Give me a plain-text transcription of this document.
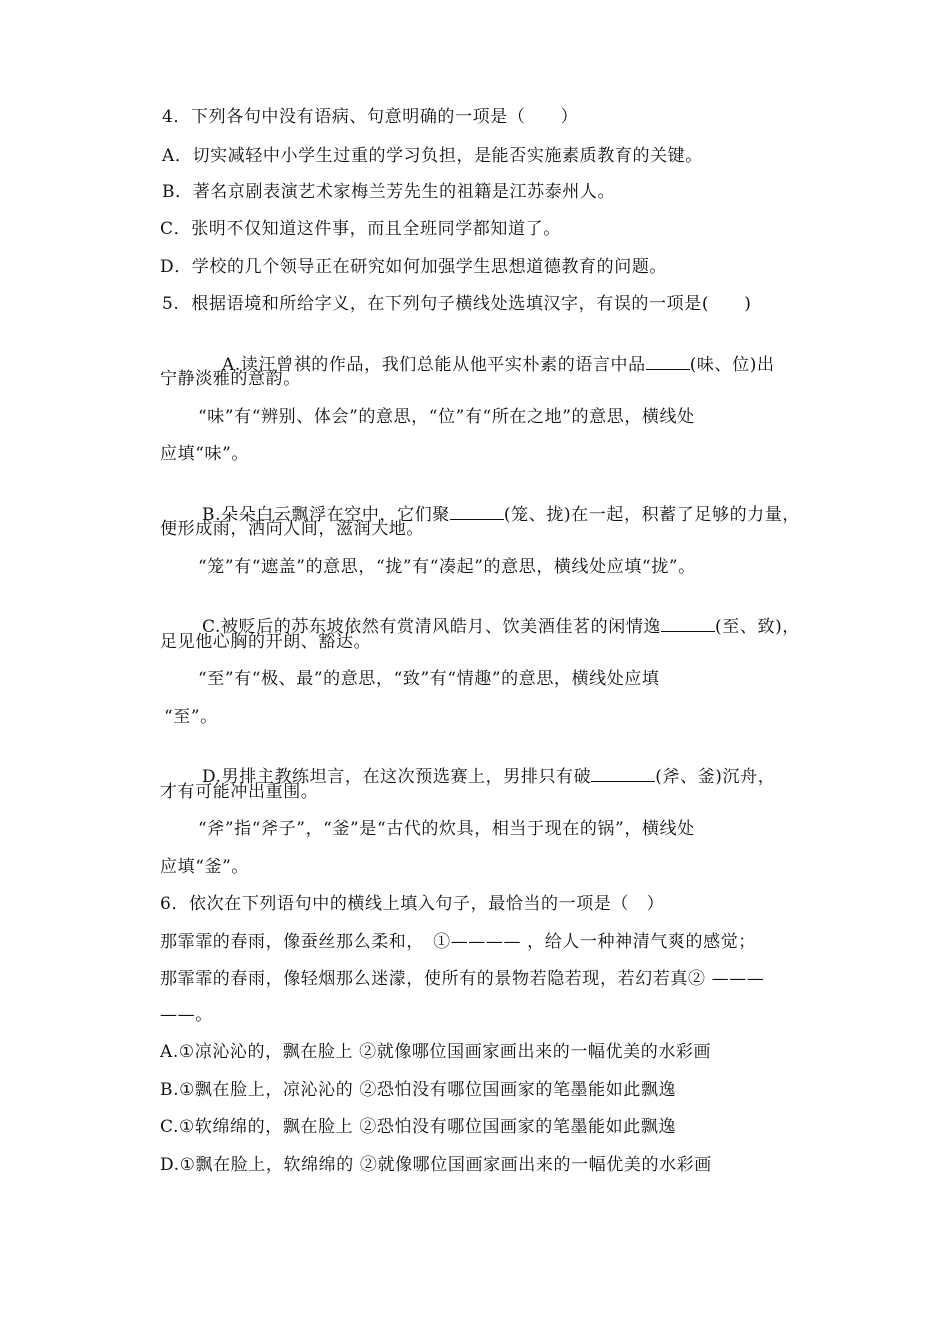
4．下列各句中没有语病、句意明确的一项是（　　）
A．切实减轻中小学生过重的学习负担，是能否实施素质教育的关键。
B．著名京剧表演艺术家梅兰芳先生的祖籍是江苏泰州人。
C．张明不仅知道这件事，而且全班同学都知道了。
D．学校的几个领导正在研究如何加强学生思想道德教育的问题。
5.  根据语境和所给字义，在下列句子横线处选填汉字，有误的一项是(　　)

A.读汪曾祺的作品，我们总能从他平实朴素的语言中品	(味、位)出

宁静淡雅的意韵。
“味”有“辨别、体会”的意思，“位”有“所在之地”的意思，横线处
应填“味”。

B.朵朵白云飘浮在空中，它们聚	(笼、拢)在一起，积蓄了足够的力量，

便形成雨，洒向人间，滋润大地。
“笼”有“遮盖”的意思，“拢”有“凑起”的意思，横线处应填“拢”。

C.被贬后的苏东坡依然有赏清风皓月、饮美酒佳茗的闲情逸	(至、致)，

足见他心胸的开朗、豁达。
“至”有“极、最”的意思，“致”有“情趣”的意思，横线处应填
“至”。

D.男排主教练坦言，在这次预选赛上，男排只有破	(斧、釜)沉舟，

才有可能冲出重围。
“斧”指“斧子”，“釜”是“古代的炊具，相当于现在的锅”，横线处
应填“釜”。
6．依次在下列语句中的横线上填入句子，最恰当的一项是（　）
那霏霏的春雨，像蚕丝那么柔和，　①———— ，给人一种神清气爽的感觉；
那霏霏的春雨，像轻烟那么迷濛，使所有的景物若隐若现，若幻若真② ———
——。
A.①凉沁沁的，飘在脸上 ②就像哪位国画家画出来的一幅优美的水彩画
B.①飘在脸上，凉沁沁的 ②恐怕没有哪位国画家的笔墨能如此飘逸
C.①软绵绵的，飘在脸上 ②恐怕没有哪位国画家的笔墨能如此飘逸
D.①飘在脸上，软绵绵的 ②就像哪位国画家画出来的一幅优美的水彩画
